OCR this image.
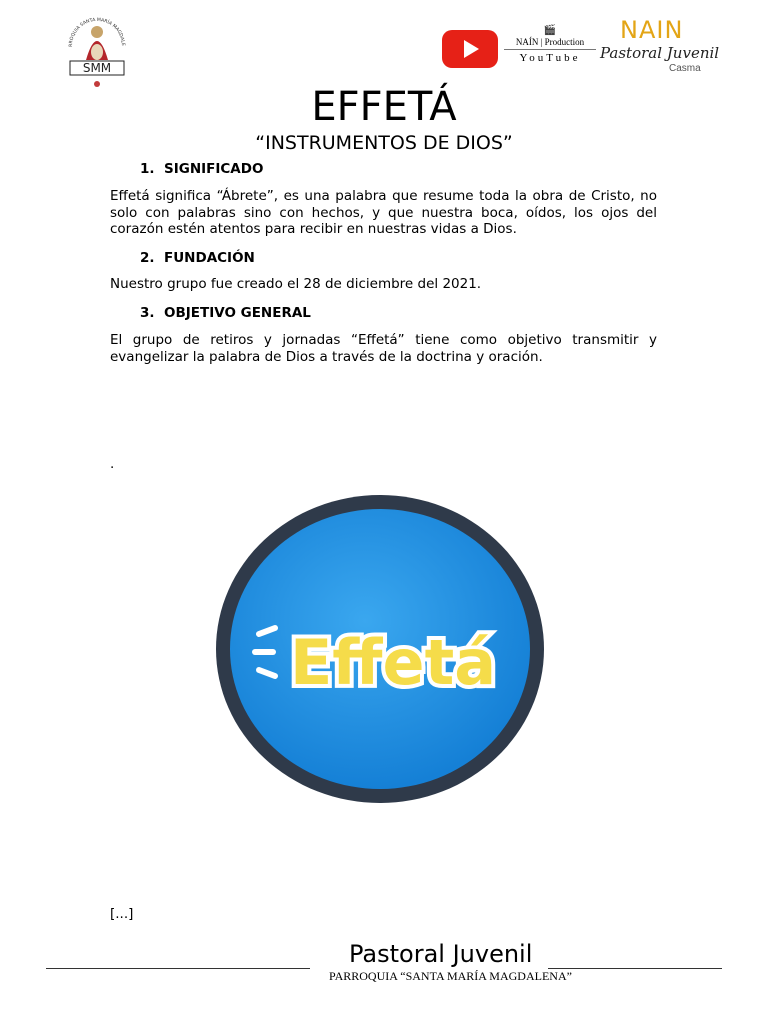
RROQUIA SANTA MARÍA MAGDALE
SMM
🎬
NAÍN | Production
YouTube
NAIN
Pastoral Juvenil
Casma
EFFETÁ
“INSTRUMENTOS DE DIOS”
1. SIGNIFICADO
Effetá significa “Ábrete”, es una palabra que resume toda la obra de Cristo, no solo con palabras sino con hechos, y que nuestra boca, oídos, los ojos del corazón estén atentos para recibir en nuestras vidas a Dios.
2. FUNDACIÓN
Nuestro grupo fue creado el 28 de diciembre del 2021.
3. OBJETIVO GENERAL
El grupo de retiros y jornadas “Effetá” tiene como objetivo transmitir y evangelizar la palabra de Dios a través de la doctrina y oración.
.
Effetá
[...]
Pastoral Juvenil
PARROQUIA “SANTA MARÍA MAGDALENA”
